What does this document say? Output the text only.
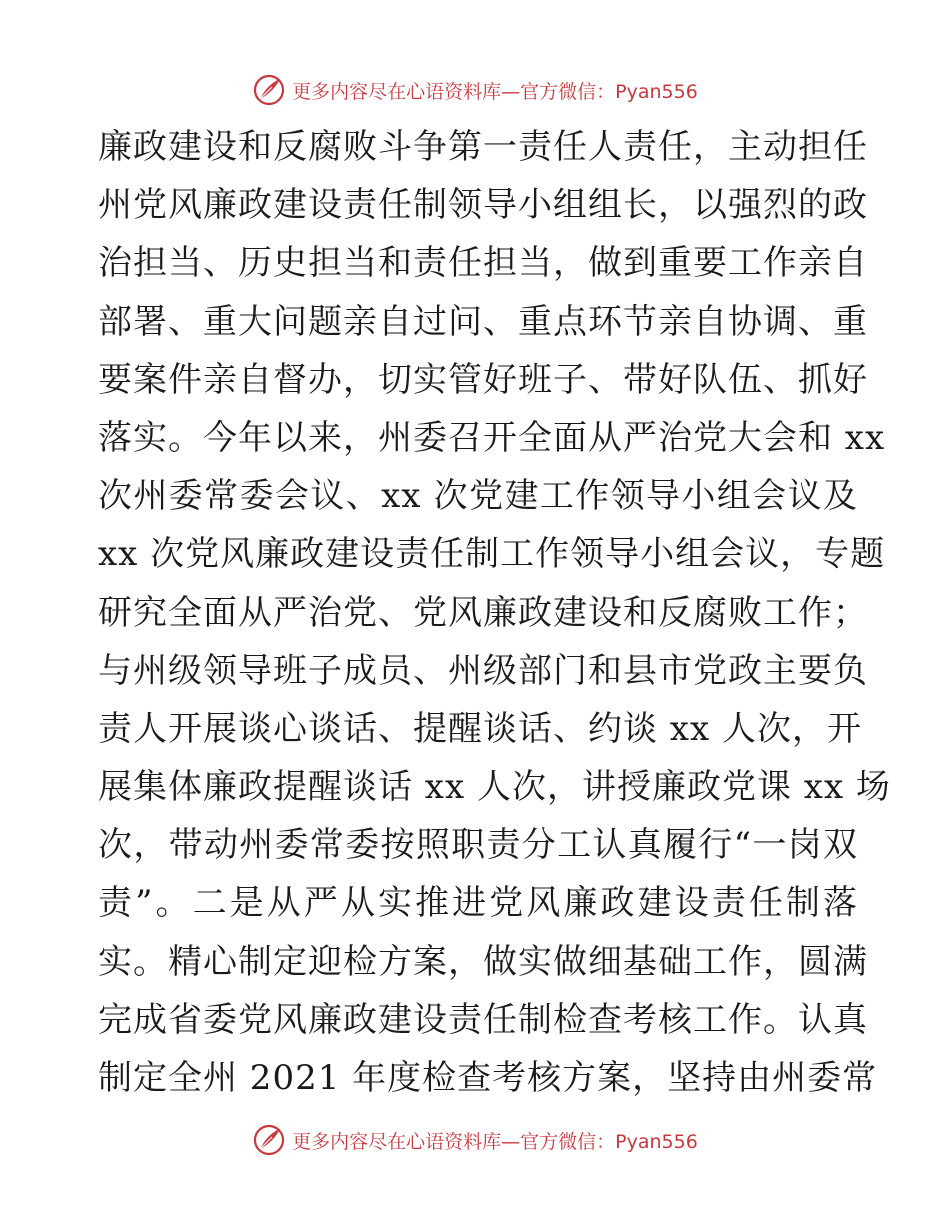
更多内容尽在心语资料库—官方微信：Pyan556
廉政建设和反腐败斗争第一责任人责任，主动担任
州党风廉政建设责任制领导小组组长，以强烈的政
治担当、历史担当和责任担当，做到重要工作亲自
部署、重大问题亲自过问、重点环节亲自协调、重
要案件亲自督办，切实管好班子、带好队伍、抓好
落实。今年以来，州委召开全面从严治党大会和 xx
次州委常委会议、xx 次党建工作领导小组会议及
xx 次党风廉政建设责任制工作领导小组会议，专题
研究全面从严治党、党风廉政建设和反腐败工作；
与州级领导班子成员、州级部门和县市党政主要负
责人开展谈心谈话、提醒谈话、约谈 xx 人次，开
展集体廉政提醒谈话 xx 人次，讲授廉政党课 xx 场
次，带动州委常委按照职责分工认真履行“一岗双
责”。二是从严从实推进党风廉政建设责任制落
实。精心制定迎检方案，做实做细基础工作，圆满
完成省委党风廉政建设责任制检查考核工作。认真
制定全州 2021 年度检查考核方案，坚持由州委常
更多内容尽在心语资料库—官方微信：Pyan556
